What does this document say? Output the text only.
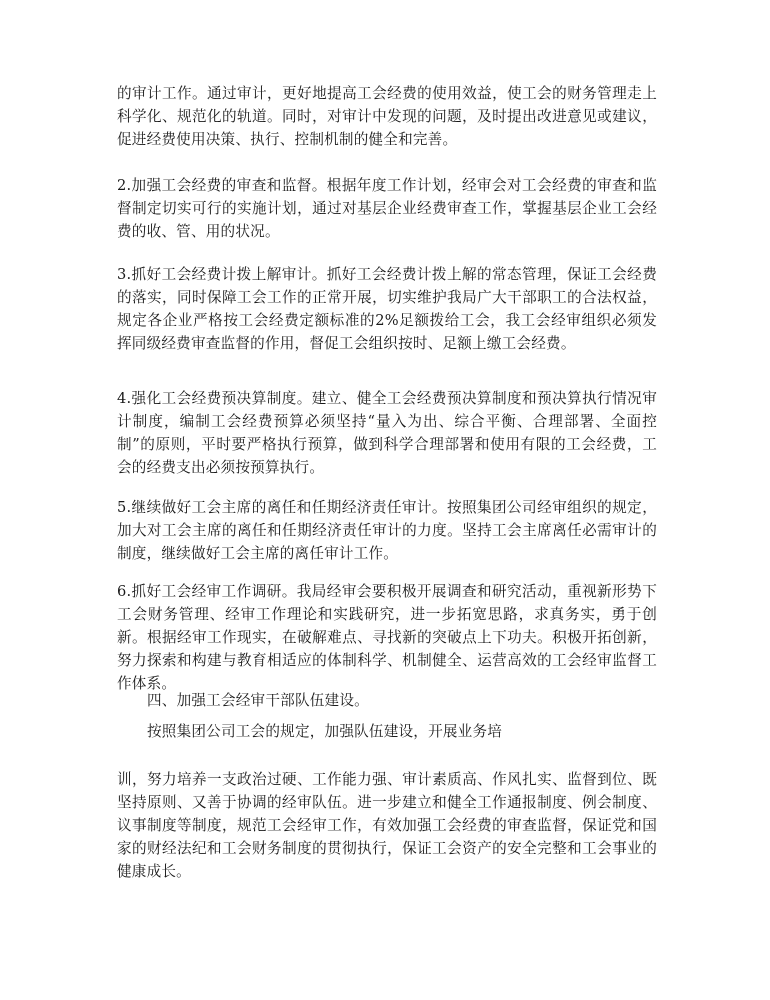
的审计工作。通过审计，更好地提高工会经费的使用效益，使工会的财务管理走上科学化、规范化的轨道。同时，对审计中发现的问题，及时提出改进意见或建议，促进经费使用决策、执行、控制机制的健全和完善。

2.加强工会经费的审查和监督。根据年度工作计划，经审会对工会经费的审查和监督制定切实可行的实施计划，通过对基层企业经费审查工作，掌握基层企业工会经费的收、管、用的状况。

3.抓好工会经费计拨上解审计。抓好工会经费计拨上解的常态管理，保证工会经费的落实，同时保障工会工作的正常开展，切实维护我局广大干部职工的合法权益，规定各企业严格按工会经费定额标准的2%足额拨给工会，我工会经审组织必须发挥同级经费审查监督的作用，督促工会组织按时、足额上缴工会经费。

4.强化工会经费预决算制度。建立、健全工会经费预决算制度和预决算执行情况审计制度，编制工会经费预算必须坚持“量入为出、综合平衡、合理部署、全面控制”的原则，平时要严格执行预算，做到科学合理部署和使用有限的工会经费，工会的经费支出必须按预算执行。

5.继续做好工会主席的离任和任期经济责任审计。按照集团公司经审组织的规定，加大对工会主席的离任和任期经济责任审计的力度。坚持工会主席离任必需审计的制度，继续做好工会主席的离任审计工作。

6.抓好工会经审工作调研。我局经审会要积极开展调查和研究活动，重视新形势下工会财务管理、经审工作理论和实践研究，进一步拓宽思路，求真务实，勇于创新。根据经审工作现实，在破解难点、寻找新的突破点上下功夫。积极开拓创新，努力探索和构建与教育相适应的体制科学、机制健全、运营高效的工会经审监督工作体系。

四、加强工会经审干部队伍建设。

按照集团公司工会的规定，加强队伍建设，开展业务培

训，努力培养一支政治过硬、工作能力强、审计素质高、作风扎实、监督到位、既坚持原则、又善于协调的经审队伍。进一步建立和健全工作通报制度、例会制度、议事制度等制度，规范工会经审工作，有效加强工会经费的审查监督，保证党和国家的财经法纪和工会财务制度的贯彻执行，保证工会资产的安全完整和工会事业的健康成长。
